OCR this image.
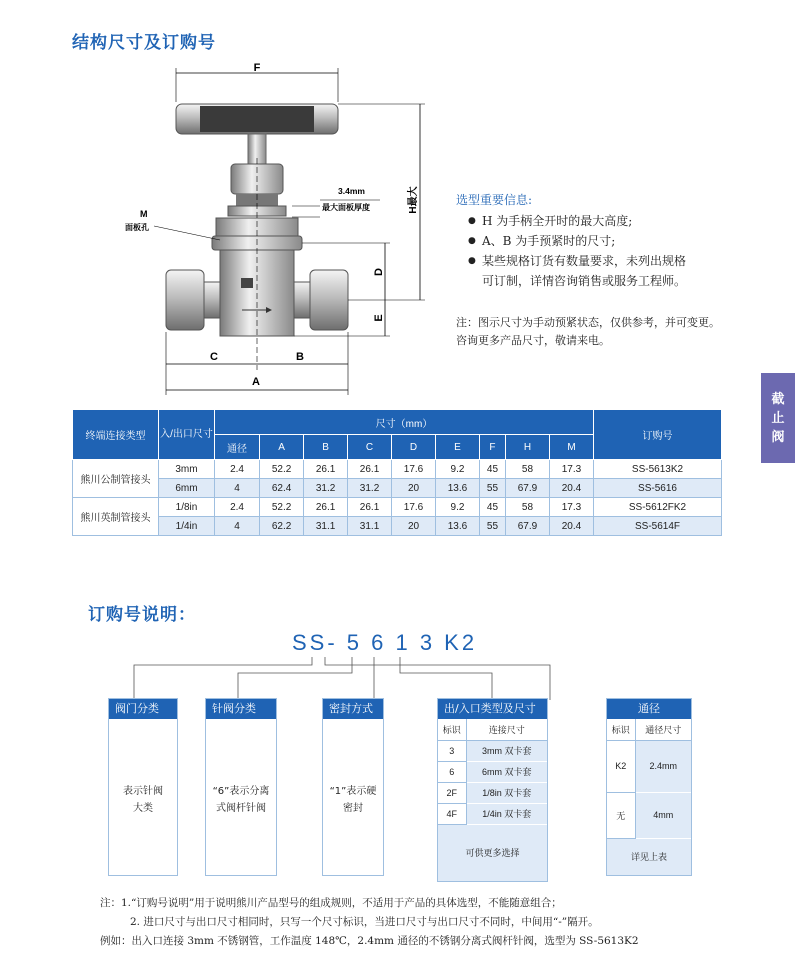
结构尺寸及订购号
截
止
阀
F
H最大
D
E
3.4mm
最大面板厚度
M
面板孔
C	B
A
选型重要信息:
● H 为手柄全开时的最大高度;
● A、B 为手预紧时的尺寸;
● 某些规格订货有数量要求，未列出规格
可订制，详情咨询销售或服务工程师。
注：图示尺寸为手动预紧状态，仅供参考，并可变更。
咨询更多产品尺寸，敬请来电。
终端连接类型	入/出口尺寸	尺寸（mm）									订购号
		通径	A	B	C	D	E	F	H	M	
熊川公制管接头	3mm	2.4	52.2	26.1	26.1	17.6	9.2	45	58	17.3	SS-5613K2
	6mm	4	62.4	31.2	31.2	20	13.6	55	67.9	20.4	SS-5616
熊川英制管接头	1/8in	2.4	52.2	26.1	26.1	17.6	9.2	45	58	17.3	SS-5612FK2
	1/4in	4	62.2	31.1	31.1	20	13.6	55	67.9	20.4	SS-5614F
订购号说明：
SS- 5 6 1 3 K2
阀门分类
表示针阀
大类
针阀分类
“6”表示分离
式阀杆针阀
密封方式
“1”表示硬
密封
出/入口类型及尺寸
标识	连接尺寸
3	3mm 双卡套
6	6mm 双卡套
2F	1/8in 双卡套
4F	1/4in 双卡套
可供更多选择
通径
标识	通径尺寸
K2	2.4mm
无	4mm
详见上表
注：1.“订购号说明”用于说明熊川产品型号的组成规则，不适用于产品的具体选型，不能随意组合；
2. 进口尺寸与出口尺寸相同时，只写一个尺寸标识，当进口尺寸与出口尺寸不同时，中间用“-”隔开。
例如：出入口连接 3mm 不锈钢管，工作温度 148℃，2.4mm 通径的不锈钢分离式阀杆针阀，选型为 SS-5613K2
